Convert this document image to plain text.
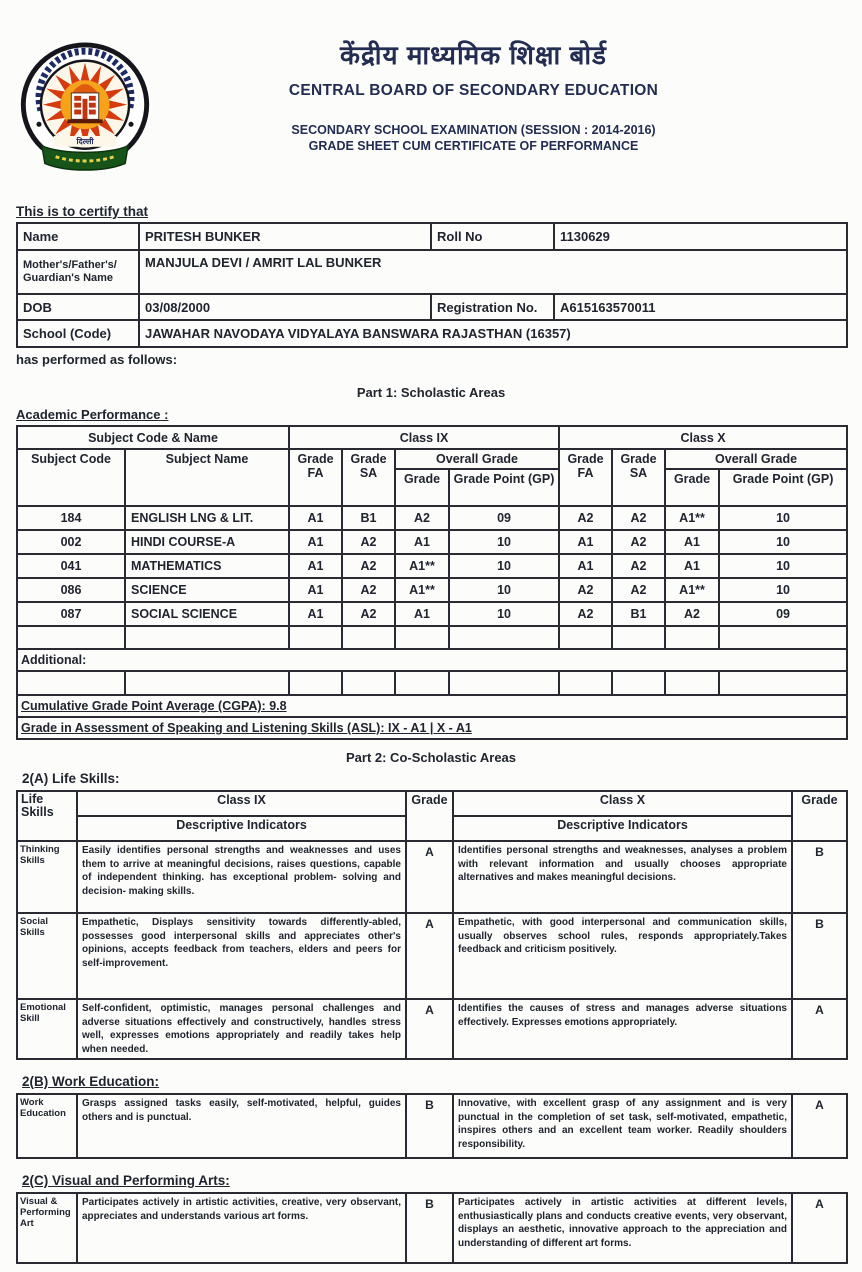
दिल्ली
केंद्रीय माध्यमिक शिक्षा बोर्ड
CENTRAL BOARD OF SECONDARY EDUCATION
SECONDARY SCHOOL EXAMINATION (SESSION : 2014-2016)
GRADE SHEET CUM CERTIFICATE OF PERFORMANCE
This is to certify that
Name	PRITESH BUNKER	Roll No	1130629
Mother's/Father's/ Guardian's Name	MANJULA DEVI / AMRIT LAL BUNKER		
DOB	03/08/2000	Registration No.	A615163570011
School (Code)	JAWAHAR NAVODAYA VIDYALAYA BANSWARA RAJASTHAN (16357)		
has performed as follows:
Part 1: Scholastic Areas
Academic Performance :
Subject Code & Name		Class IX				Class X			
Subject Code	Subject Name	Grade FA	Grade SA	Overall Grade		Grade FA	Grade SA	Overall Grade	
				Grade	Grade Point (GP)			Grade	Grade Point (GP)
184	ENGLISH LNG & LIT.	A1	B1	A2	09	A2	A2	A1**	10
002	HINDI COURSE-A	A1	A2	A1	10	A1	A2	A1	10
041	MATHEMATICS	A1	A2	A1**	10	A1	A2	A1	10
086	SCIENCE	A1	A2	A1**	10	A2	A2	A1**	10
087	SOCIAL SCIENCE	A1	A2	A1	10	A2	B1	A2	09

Additional:									

Cumulative Grade Point Average (CGPA): 9.8									
Grade in Assessment of Speaking and Listening Skills (ASL): IX - A1 | X - A1									
Part 2: Co-Scholastic Areas
2(A) Life Skills:
Life Skills	Class IX	Grade	Class X	Grade
	Descriptive Indicators		Descriptive Indicators	
Thinking Skills	Easily identifies personal strengths and weaknesses and uses them to arrive at meaningful decisions, raises questions, capable of independent thinking. has exceptional problem- solving and decision- making skills.	A	Identifies personal strengths and weaknesses, analyses a problem with relevant information and usually chooses appropriate alternatives and makes meaningful decisions.	B
Social Skills	Empathetic, Displays sensitivity towards differently-abled, possesses good interpersonal skills and appreciates other's opinions, accepts feedback from teachers, elders and peers for self-improvement.	A	Empathetic, with good interpersonal and communication skills, usually observes school rules, responds appropriately.Takes feedback and criticism positively.	B
Emotional Skill	Self-confident, optimistic, manages personal challenges and adverse situations effectively and constructively, handles stress well, expresses emotions appropriately and readily takes help when needed.	A	Identifies the causes of stress and manages adverse situations effectively. Expresses emotions appropriately.	A
2(B) Work Education:
Work Education	Grasps assigned tasks easily, self-motivated, helpful, guides others and is punctual.	B	Innovative, with excellent grasp of any assignment and is very punctual in the completion of set task, self-motivated, empathetic, inspires others and an excellent team worker. Readily shoulders responsibility.	A
2(C) Visual and Performing Arts:
Visual & Performing Art	Participates actively in artistic activities, creative, very observant, appreciates and understands various art forms.	B	Participates actively in artistic activities at different levels, enthusiastically plans and conducts creative events, very observant, displays an aesthetic, innovative approach to the appreciation and understanding of different art forms.	A
